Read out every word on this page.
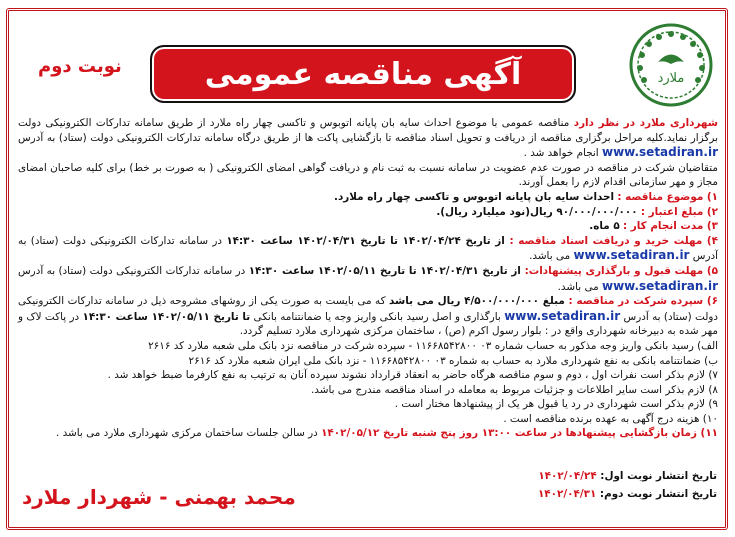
ملارد
آگهی مناقصه عمومی
نوبت دوم

شهرداری ملارد در نظر دارد مناقصه عمومی با موضوع احداث سایه بان پایانه اتوبوس و تاکسی چهار راه ملارد از طریق سامانه تدارکات الکترونیکی دولت برگزار نماید.کلیه مراحل برگزاری مناقصه از دریافت و تحویل اسناد مناقصه تا بازگشایی پاکت ها از طریق درگاه سامانه تدارکات الکترونیکی دولت (ستاد) به آدرس www.setadiran.ir انجام خواهد شد .

متقاضیان شرکت در مناقصه در صورت عدم عضویت در سامانه نسبت به ثبت نام و دریافت گواهی امضای الکترونیکی ( به صورت بر خط) برای کلیه صاحبان امضای مجاز و مهر سازمانی اقدام لازم را بعمل آورند.

۱) موضوع مناقصه : احداث سایه بان پایانه اتوبوس و تاکسی چهار راه ملارد.

۲) مبلغ اعتبار : ۹۰/۰۰۰/۰۰۰/۰۰۰ ریال(نود میلیارد ریال).

۳) مدت انجام کار : ۵ ماه.

۴) مهلت خرید و دریافت اسناد مناقصه : از تاریخ ۱۴۰۲/۰۴/۲۴ تا تاریخ ۱۴۰۲/۰۴/۳۱ ساعت ۱۴:۳۰ در سامانه تدارکات الکترونیکی دولت (ستاد) به آدرس www.setadiran.ir می باشد.

۵) مهلت قبول و بارگذاری پیشنهادات: از تاریخ ۱۴۰۲/۰۴/۳۱ تا تاریخ ۱۴۰۲/۰۵/۱۱ ساعت ۱۴:۳۰ در سامانه تدارکات الکترونیکی دولت (ستاد) به آدرس www.setadiran.ir می باشد.

۶) سپرده شرکت در مناقصه : مبلغ ۴/۵۰۰/۰۰۰/۰۰۰ ریال می باشد که می بایست به صورت یکی از روشهای مشروحه ذیل در سامانه تدارکات الکترونیکی دولت (ستاد) به آدرس www.setadiran.ir بارگذاری و اصل رسید بانکی واریز وجه یا ضمانتنامه بانکی تا تاریخ ۱۴۰۲/۰۵/۱۱ ساعت ۱۴:۳۰ در پاکت لاک و مهر شده به دبیرخانه شهرداری واقع در : بلوار رسول اکرم (ص) ، ساختمان مرکزی شهرداری ملارد تسلیم گردد.

الف) رسید بانکی واریز وجه مذکور به حساب شماره ۰۳ ۱۱۶۶۸۵۴۲۸۰۰ - سپرده شرکت در مناقصه نزد بانک ملی شعبه ملارد کد ۲۶۱۶

ب) ضمانتنامه بانکی به نفع شهرداری ملارد به حساب به شماره ۰۳ ۱۱۶۶۸۵۴۲۸۰۰ - نزد بانک ملی ایران شعبه ملارد کد ۲۶۱۶

۷) لازم بذکر است نفرات اول ، دوم و سوم مناقصه هرگاه حاضر به انعقاد قرارداد نشوند سپرده آنان به ترتیب به نفع کارفرما ضبط خواهد شد .

۸) لازم بذکر است سایر اطلاعات و جزئیات مربوط به معامله در اسناد مناقصه مندرج می باشد.

۹) لازم بذکر است شهرداری در رد یا قبول هر یک از پیشنهادها مختار است .

۱۰) هزینه درج آگهی به عهده برنده مناقصه است .

۱۱) زمان بازگشایی پیشنهادها در ساعت ۱۳:۰۰ روز پنج شنبه تاریخ ۱۴۰۲/۰۵/۱۲ در سالن جلسات ساختمان مرکزی شهرداری ملارد می باشد .

تاریخ انتشار نوبت اول: ۱۴۰۲/۰۴/۲۴
تاریخ انتشار نوبت دوم: ۱۴۰۲/۰۴/۳۱
محمد بهمنی - شهردار ملارد
